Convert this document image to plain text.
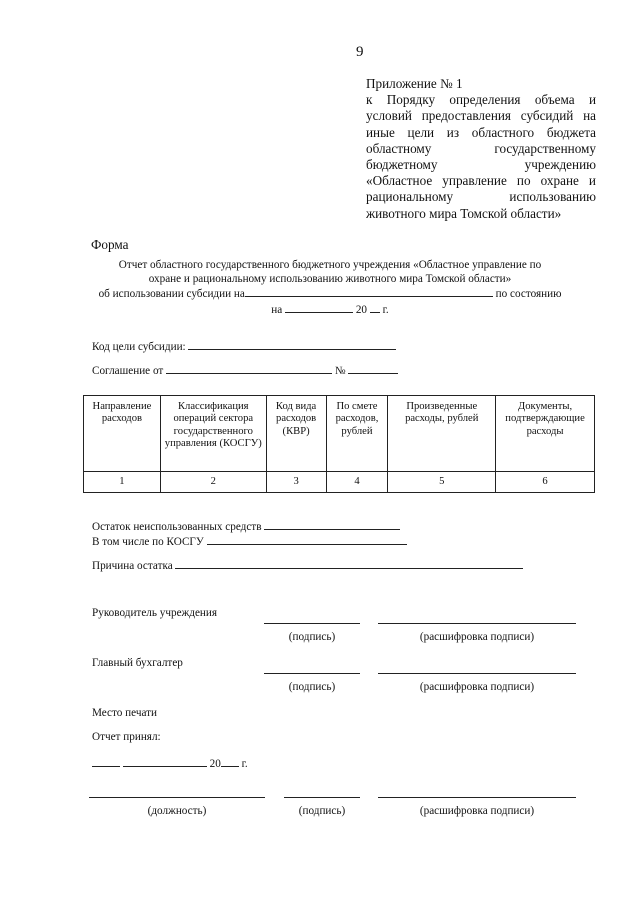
9
Приложение № 1
к Порядку определения объема и
условий предоставления субсидий на
иные цели из областного бюджета
областному государственному
бюджетному учреждению
«Областное управление по охране и
рациональному использованию
животного мира Томской области»
Форма
Отчет областного государственного бюджетного учреждения «Областное управление по
охране и рациональному использованию животного мира Томской области»
об использовании субсидии на	по состоянию
на	20 г.
Код цели субсидии:
Соглашение от	№
Направление расходов	Классификация операций сектора государственного управления (КОСГУ)	Код вида расходов (КВР)	По смете расходов, рублей	Произведенные расходы, рублей	Документы, подтверждающие расходы
1	2	3	4	5	6
Остаток неиспользованных средств
В том числе по КОСГУ
Причина остатка
Руководитель учреждения
(подпись)	(расшифровка подписи)
Главный бухгалтер
(подпись)	(расшифровка подписи)
Место печати
Отчет принял:
20 г.
(должность)	(подпись)	(расшифровка подписи)
